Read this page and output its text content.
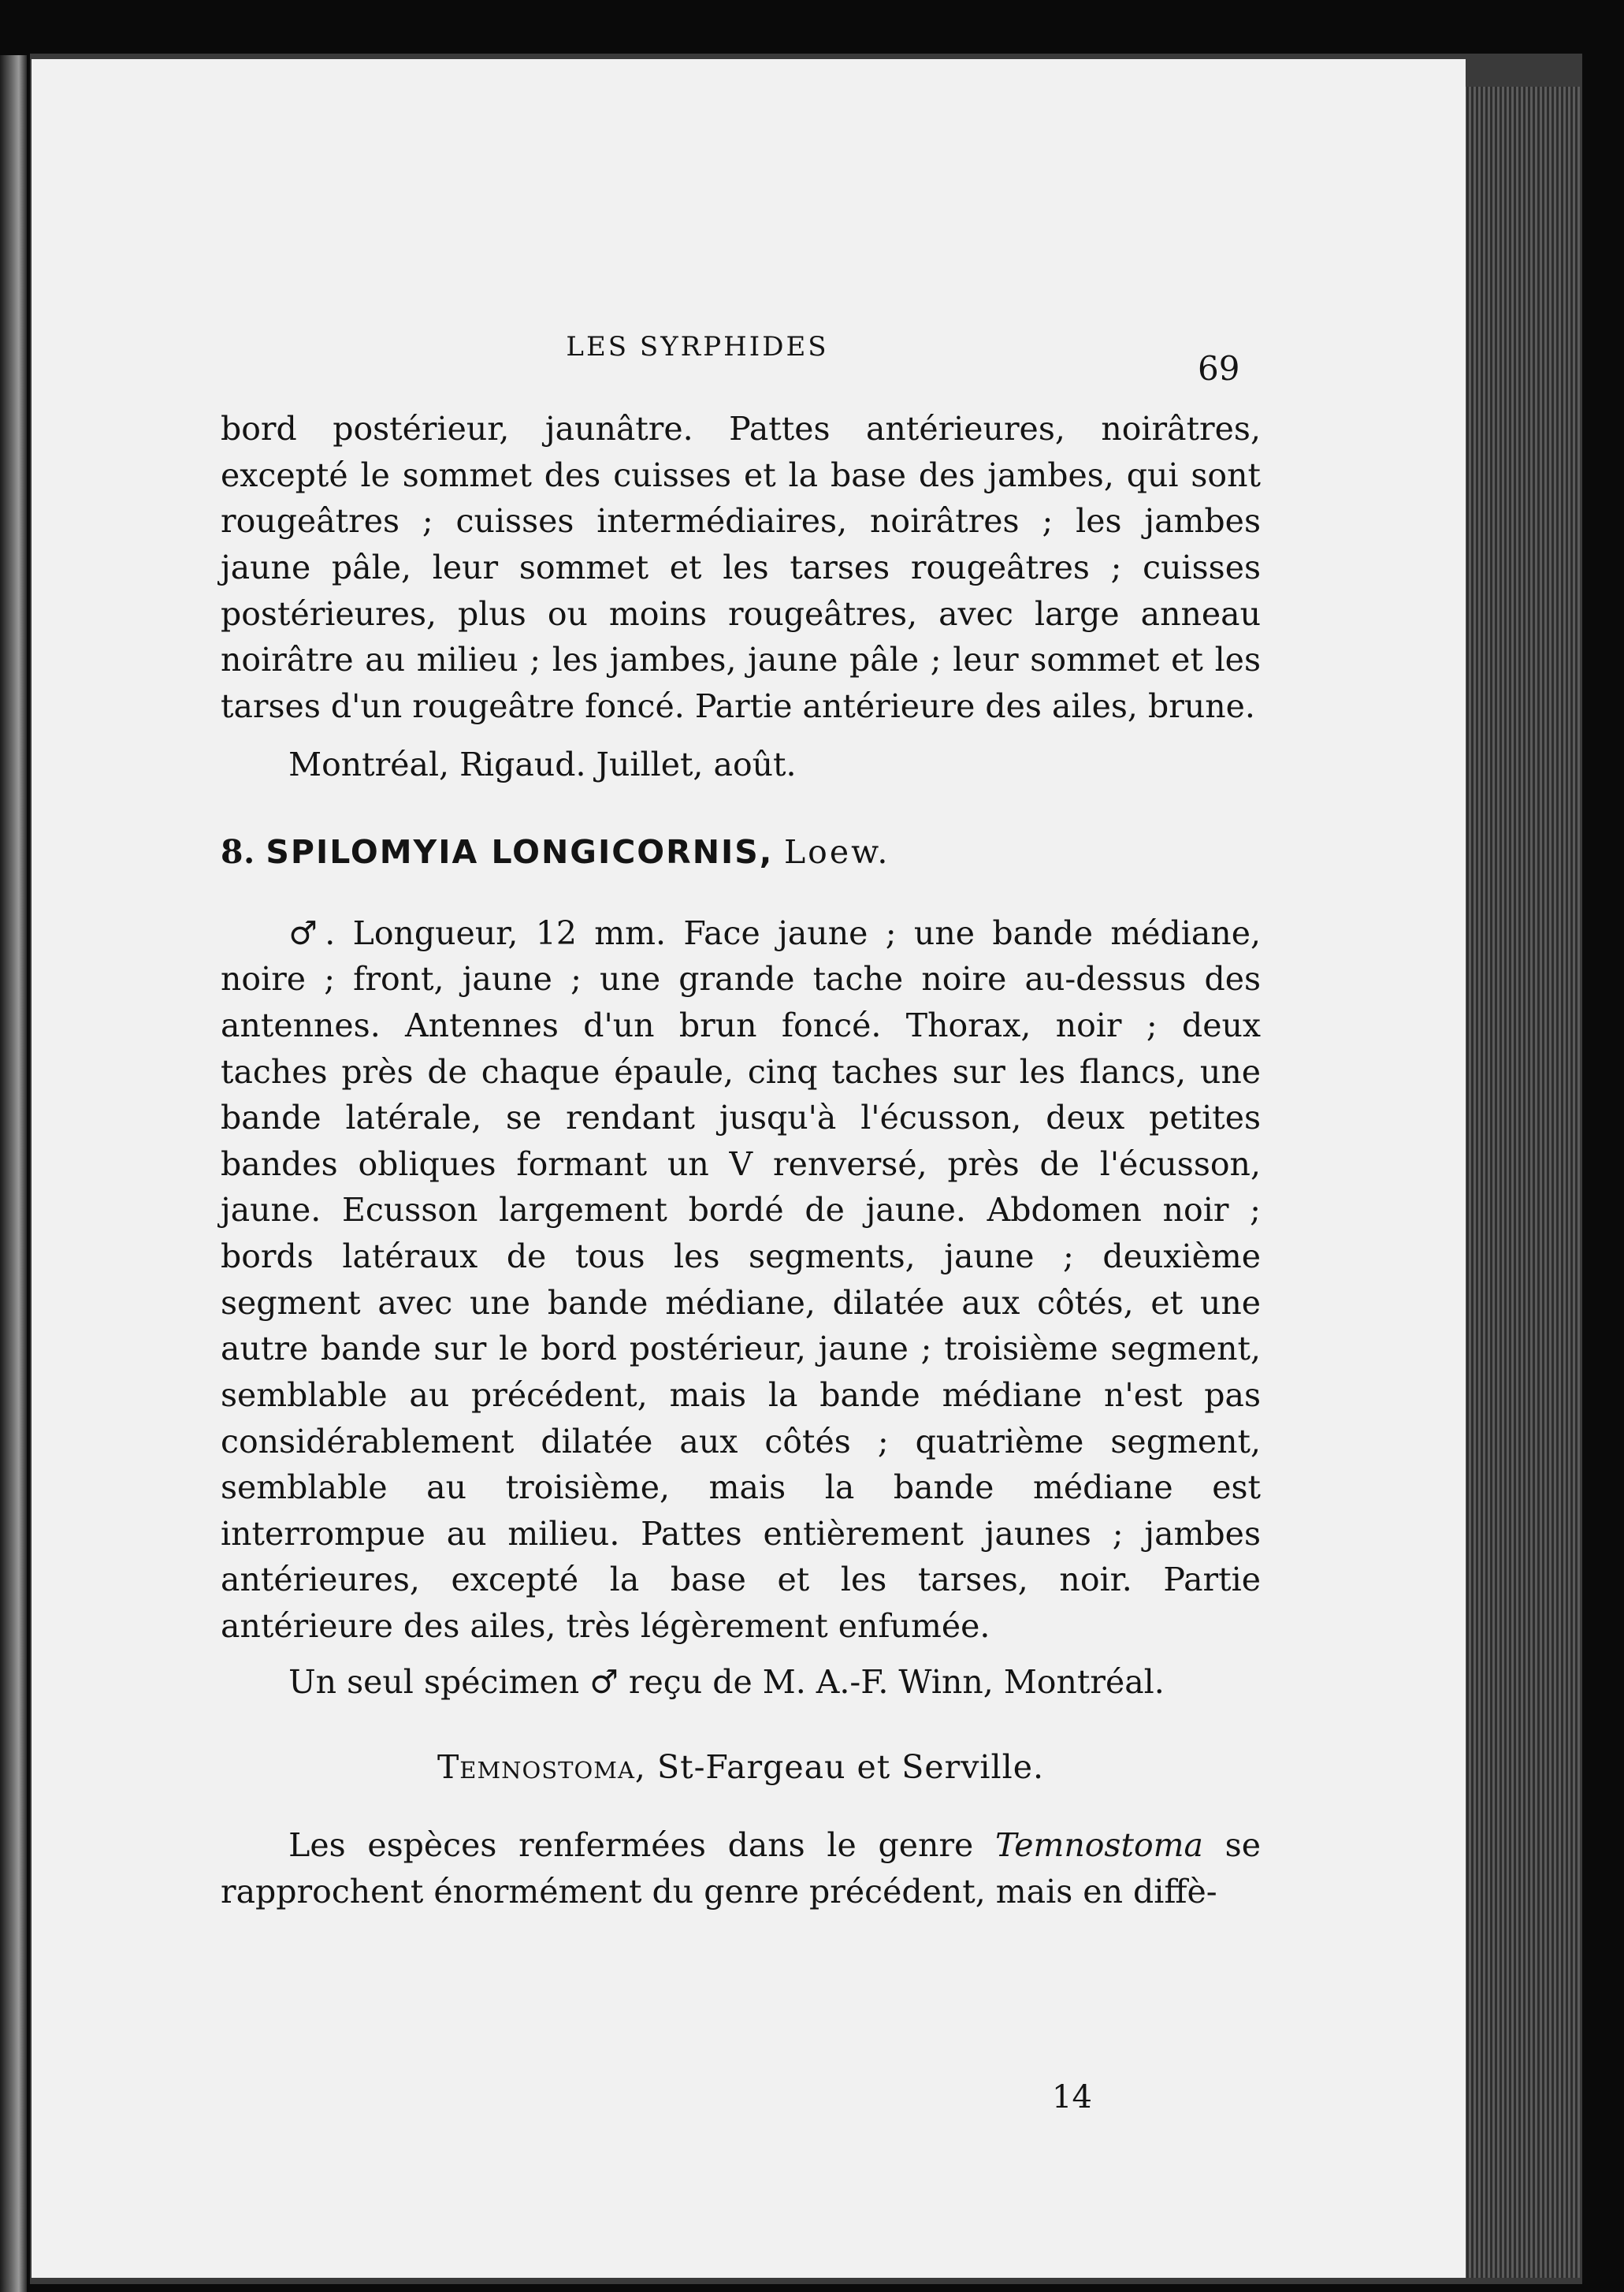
LES SYRPHIDES
69

bord postérieur, jaunâtre. Pattes antérieures, noirâtres, excepté le sommet des cuisses et la base des jambes, qui sont rougeâtres ; cuisses intermédiaires, noirâtres ; les jambes jaune pâle, leur sommet et les tarses rougeâtres ; cuisses postérieures, plus ou moins rougeâtres, avec large anneau noirâtre au milieu ; les jambes, jaune pâle ; leur sommet et les tarses d'un rougeâtre foncé. Partie antérieure des ailes, brune.

Montréal, Rigaud. Juillet, août.

8. SPILOMYIA LONGICORNIS, Loew.

♂. Longueur, 12 mm. Face jaune ; une bande médiane, noire ; front, jaune ; une grande tache noire au-dessus des antennes. Antennes d'un brun foncé. Thorax, noir ; deux taches près de chaque épaule, cinq taches sur les flancs, une bande latérale, se rendant jusqu'à l'écusson, deux petites bandes obliques formant un V renversé, près de l'écusson, jaune. Ecusson largement bordé de jaune. Abdomen noir ; bords latéraux de tous les segments, jaune ; deuxième segment avec une bande médiane, dilatée aux côtés, et une autre bande sur le bord postérieur, jaune ; troisième segment, semblable au précédent, mais la bande médiane n'est pas considérablement dilatée aux côtés ; quatrième segment, semblable au troisième, mais la bande médiane est interrompue au milieu. Pattes entièrement jaunes ; jambes antérieures, excepté la base et les tarses, noir. Partie antérieure des ailes, très légèrement enfumée.

Un seul spécimen ♂ reçu de M. A.-F. Winn, Montréal.

Temnostoma, St-Fargeau et Serville.

Les espèces renfermées dans le genre Temnostoma se rapprochent énormément du genre précédent, mais en diffè-

14
